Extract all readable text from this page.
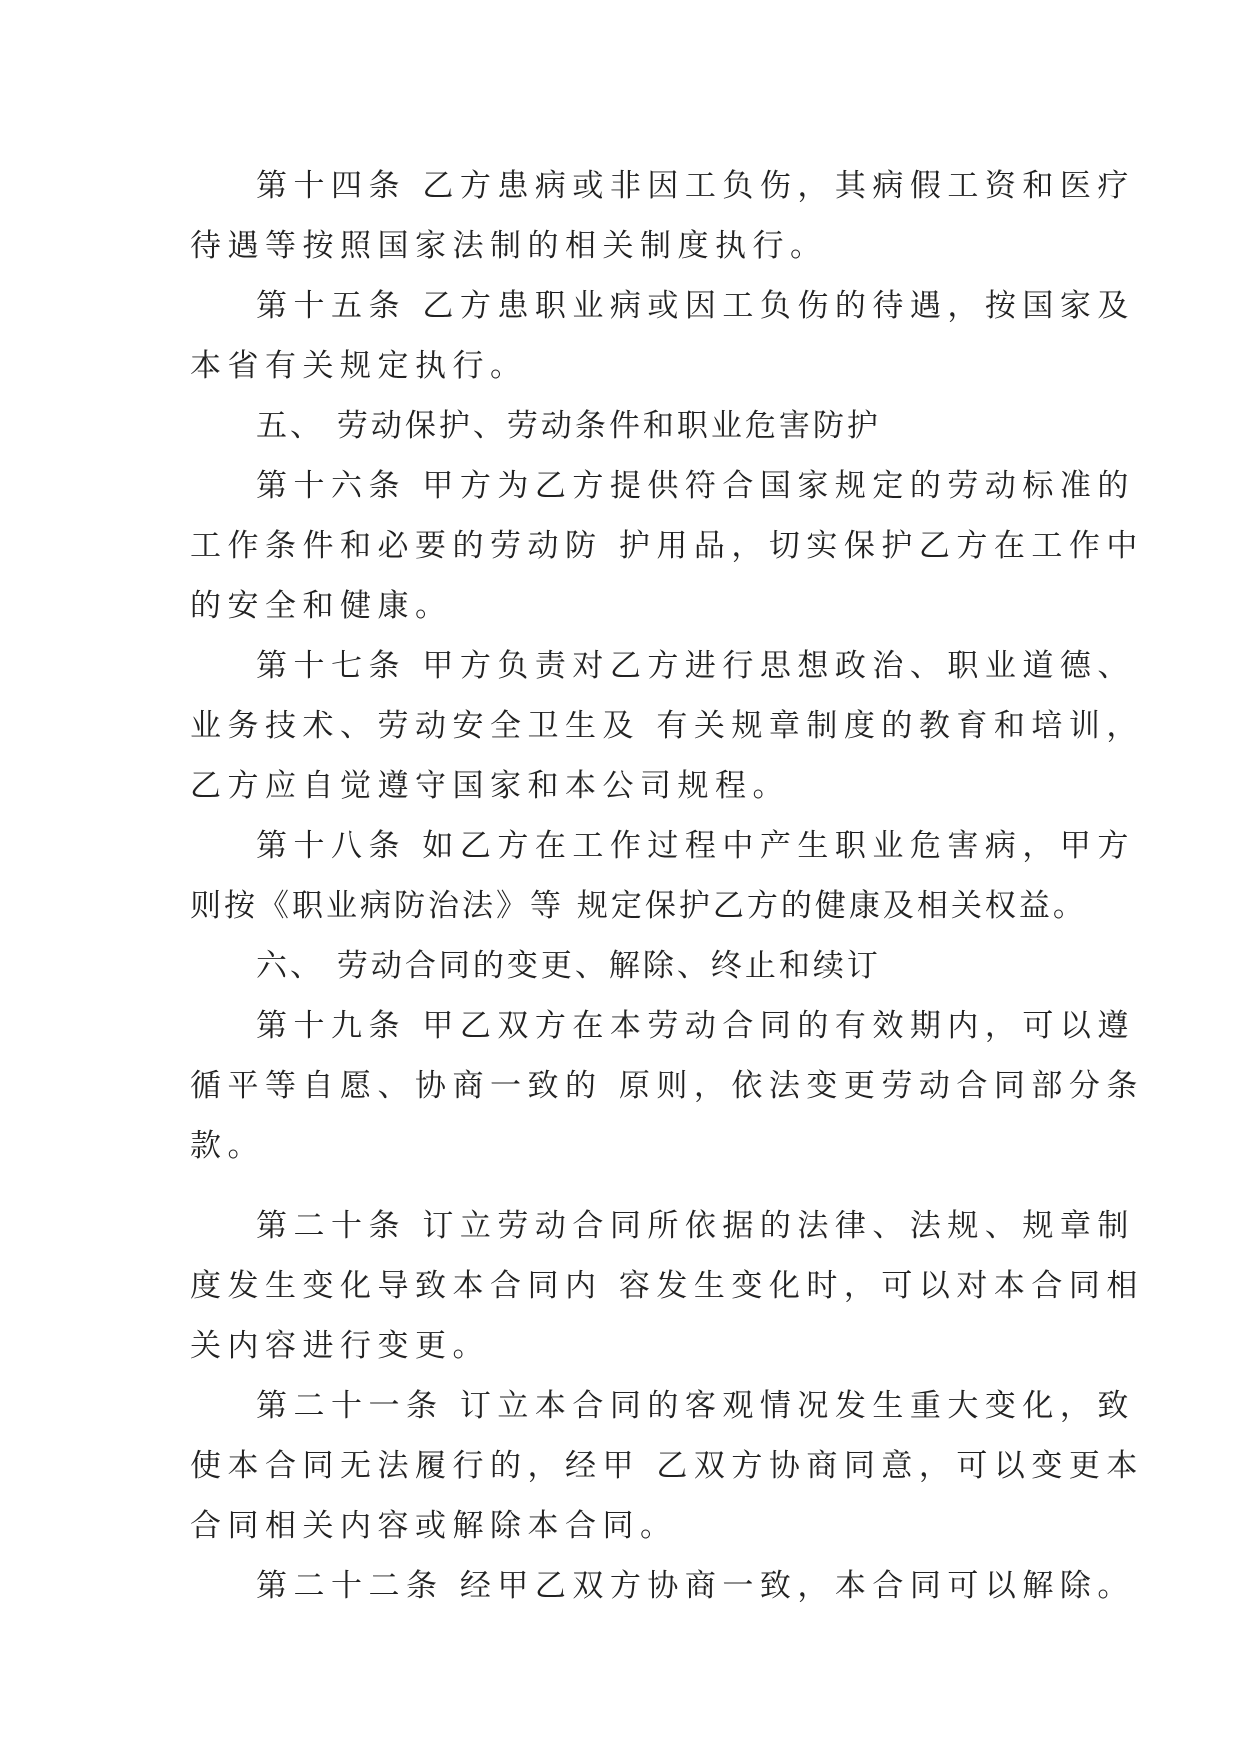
第十四条 乙方患病或非因工负伤，其病假工资和医疗
待遇等按照国家法制的相关制度执行。
第十五条 乙方患职业病或因工负伤的待遇，按国家及
本省有关规定执行。
五、 劳动保护、劳动条件和职业危害防护
第十六条 甲方为乙方提供符合国家规定的劳动标准的
工作条件和必要的劳动防 护用品，切实保护乙方在工作中
的安全和健康。
第十七条 甲方负责对乙方进行思想政治、职业道德、
业务技术、劳动安全卫生及 有关规章制度的教育和培训，
乙方应自觉遵守国家和本公司规程。
第十八条 如乙方在工作过程中产生职业危害病，甲方
则按《职业病防治法》等 规定保护乙方的健康及相关权益。
六、 劳动合同的变更、解除、终止和续订
第十九条 甲乙双方在本劳动合同的有效期内，可以遵
循平等自愿、协商一致的 原则，依法变更劳动合同部分条
款。
第二十条 订立劳动合同所依据的法律、法规、规章制
度发生变化导致本合同内 容发生变化时，可以对本合同相
关内容进行变更。
第二十一条 订立本合同的客观情况发生重大变化，致
使本合同无法履行的，经甲 乙双方协商同意，可以变更本
合同相关内容或解除本合同。
第二十二条 经甲乙双方协商一致，本合同可以解除。
